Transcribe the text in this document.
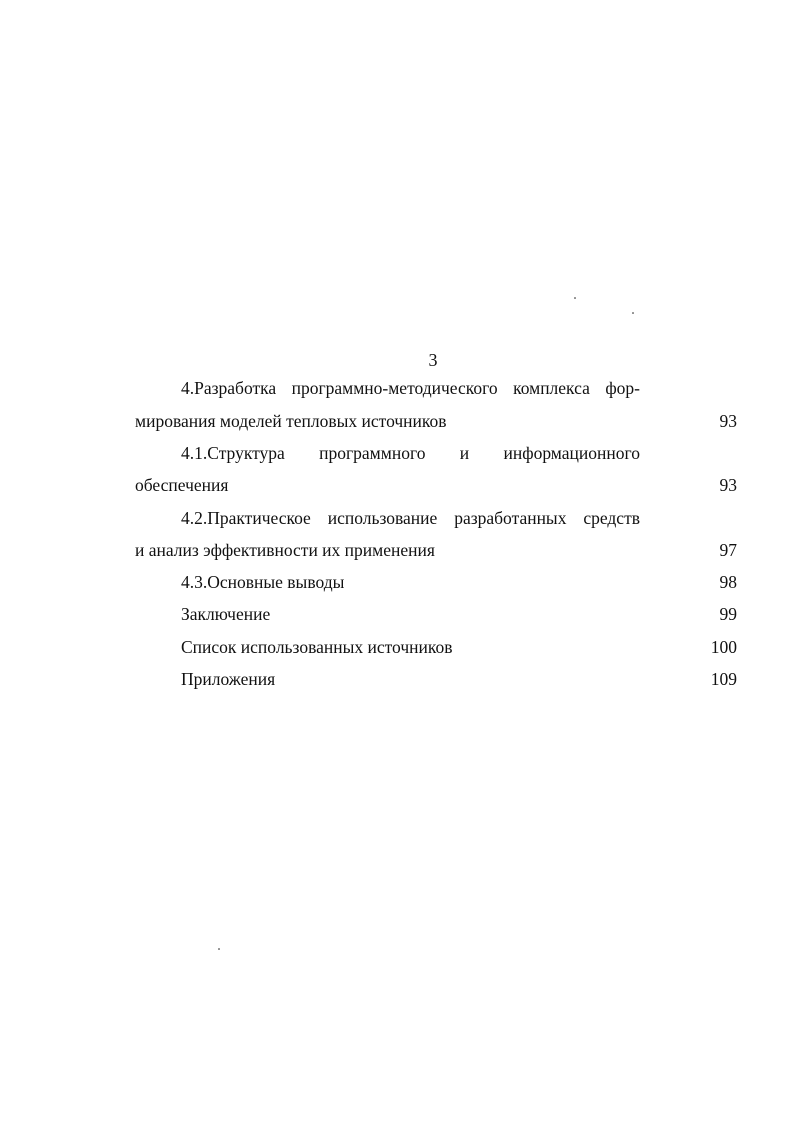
3
4.Разработка программно-методического комплекса фор-
мирования моделей тепловых источников	93
4.1.Структура программного и информационного
обеспечения	93
4.2.Практическое использование разработанных средств
и анализ эффективности их применения	97
4.3.Основные выводы	98
Заключение	99
Список использованных источников	100
Приложения	109
